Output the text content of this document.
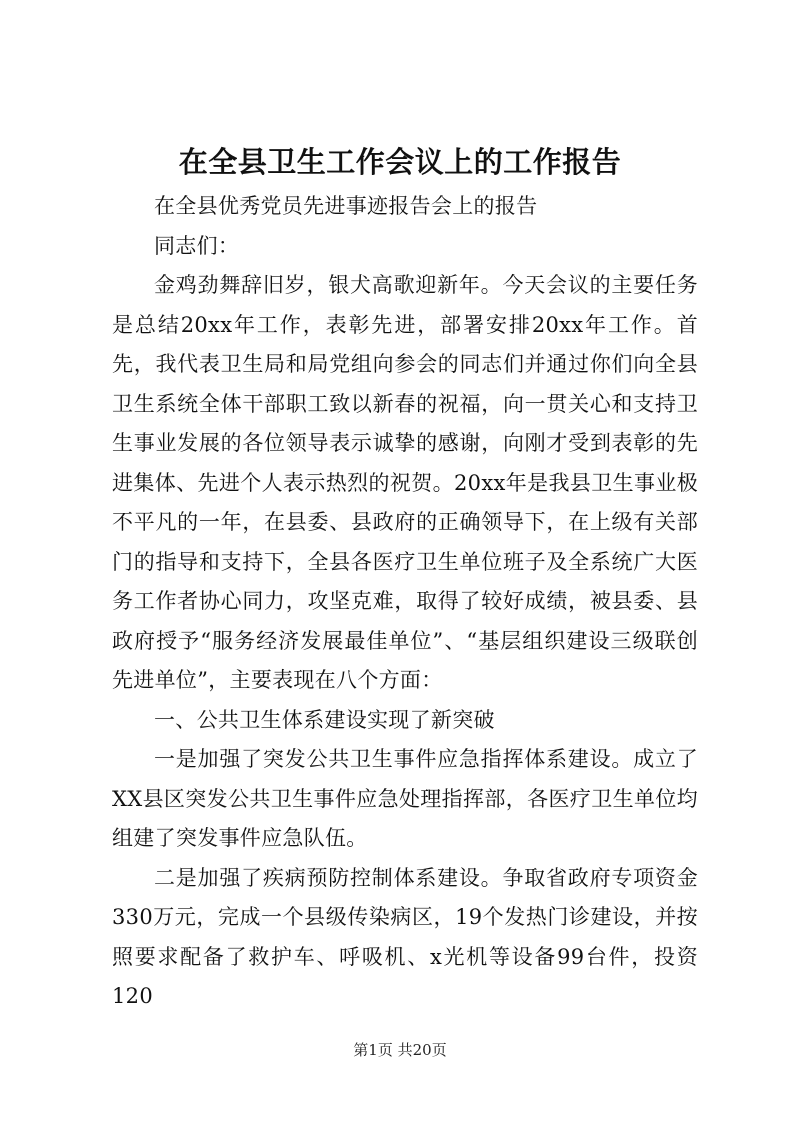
在全县卫生工作会议上的工作报告

在全县优秀党员先进事迹报告会上的报告

同志们：

金鸡劲舞辞旧岁，银犬高歌迎新年。今天会议的主要任务是总结20xx年工作，表彰先进，部署安排20xx年工作。首先，我代表卫生局和局党组向参会的同志们并通过你们向全县卫生系统全体干部职工致以新春的祝福，向一贯关心和支持卫生事业发展的各位领导表示诚挚的感谢，向刚才受到表彰的先进集体、先进个人表示热烈的祝贺。20xx年是我县卫生事业极不平凡的一年，在县委、县政府的正确领导下，在上级有关部门的指导和支持下，全县各医疗卫生单位班子及全系统广大医务工作者协心同力，攻坚克难，取得了较好成绩，被县委、县政府授予“服务经济发展最佳单位”、“基层组织建设三级联创先进单位”，主要表现在八个方面：

一、公共卫生体系建设实现了新突破

一是加强了突发公共卫生事件应急指挥体系建设。成立了XX县区突发公共卫生事件应急处理指挥部，各医疗卫生单位均组建了突发事件应急队伍。

二是加强了疾病预防控制体系建设。争取省政府专项资金330万元，完成一个县级传染病区，19个发热门诊建设，并按照要求配备了救护车、呼吸机、x光机等设备99台件，投资120

第1页 共20页
